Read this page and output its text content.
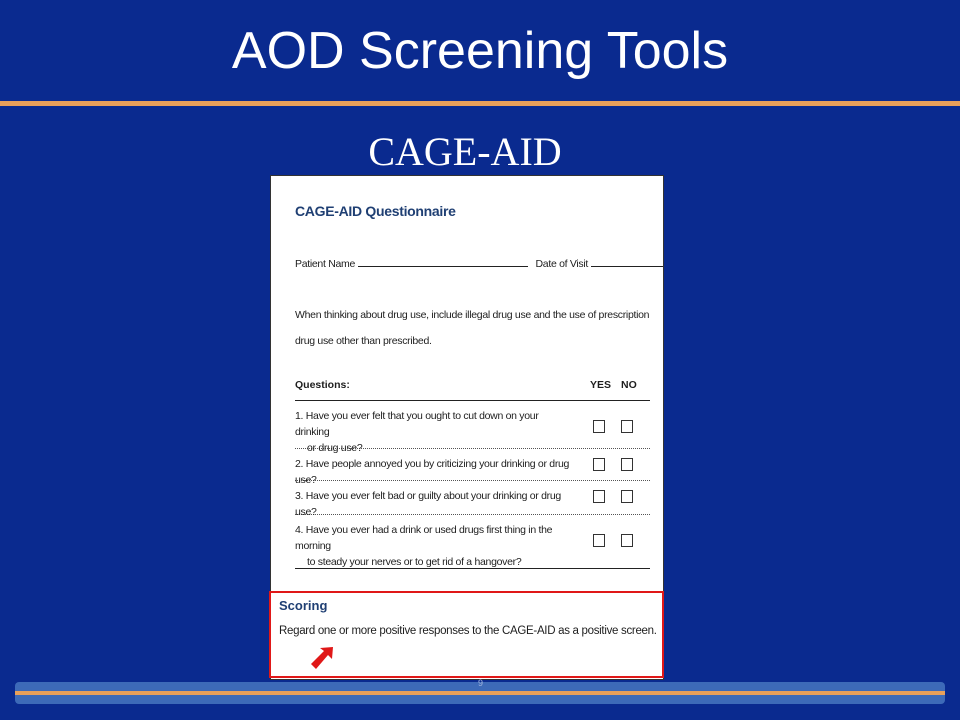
AOD Screening Tools
CAGE-AID
CAGE-AID Questionnaire
Patient Name	Date of Visit
When thinking about drug use, include illegal drug use and the use of prescription drug use other than prescribed.
Questions:	YES NO
1. Have you ever felt that you ought to cut down on your drinking
or drug use?
2. Have people annoyed you by criticizing your drinking or drug use?
3. Have you ever felt bad or guilty about your drinking or drug use?
4. Have you ever had a drink or used drugs first thing in the morning
to steady your nerves or to get rid of a hangover?
Scoring
Regard one or more positive responses to the CAGE-AID as a positive screen.
9
